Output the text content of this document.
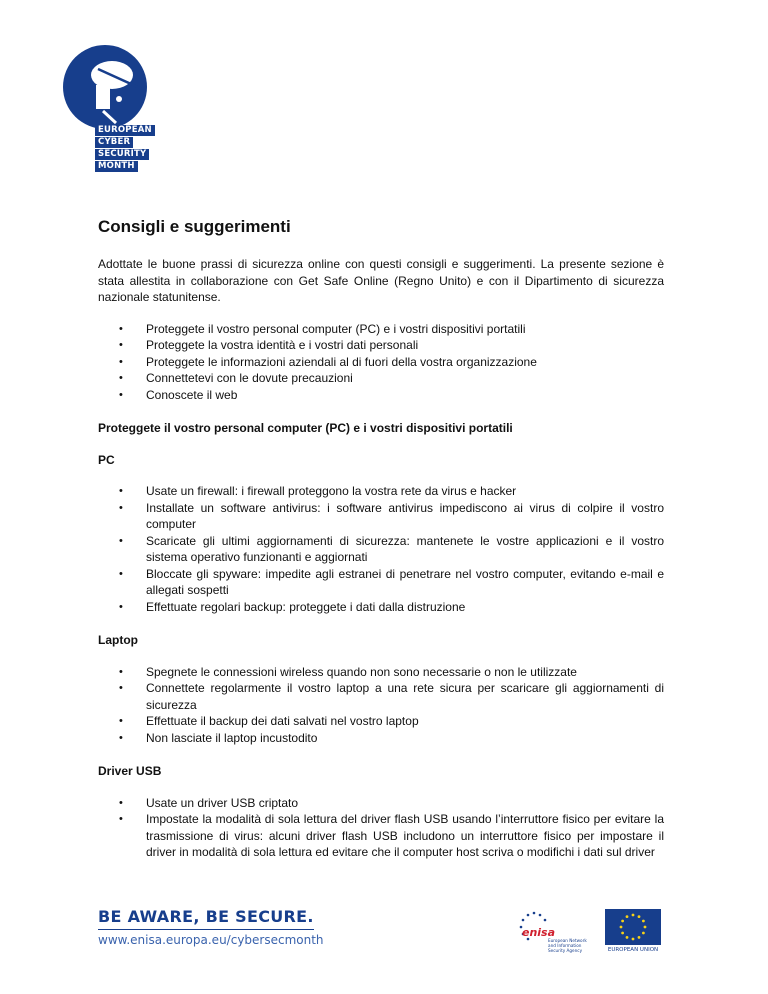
EUROPEAN
CYBER
SECURITY
MONTH
Consigli e suggerimenti

Adottate le buone prassi di sicurezza online con questi consigli e suggerimenti. La presente sezione è stata allestita in collaborazione con Get Safe Online (Regno Unito) e con il Dipartimento di sicurezza nazionale statunitense.

• Proteggete il vostro personal computer (PC) e i vostri dispositivi portatili
• Proteggete la vostra identità e i vostri dati personali
• Proteggete le informazioni aziendali al di fuori della vostra organizzazione
• Connettetevi con le dovute precauzioni
• Conoscete il web
Proteggete il vostro personal computer (PC) e i vostri dispositivi portatili
PC
• Usate un firewall: i firewall proteggono la vostra rete da virus e hacker
• Installate un software antivirus: i software antivirus impediscono ai virus di colpire il vostro computer
• Scaricate gli ultimi aggiornamenti di sicurezza: mantenete le vostre applicazioni e il vostro sistema operativo funzionanti e aggiornati
• Bloccate gli spyware: impedite agli estranei di penetrare nel vostro computer, evitando e-mail e allegati sospetti
• Effettuate regolari backup: proteggete i dati dalla distruzione
Laptop
• Spegnete le connessioni wireless quando non sono necessarie o non le utilizzate
• Connettete regolarmente il vostro laptop a una rete sicura per scaricare gli aggiornamenti di sicurezza
• Effettuate il backup dei dati salvati nel vostro laptop
• Non lasciate il laptop incustodito
Driver USB
• Usate un driver USB criptato
• Impostate la modalità di sola lettura del driver flash USB usando l’interruttore fisico per evitare la trasmissione di virus: alcuni driver flash USB includono un interruttore fisico per impostare il driver in modalità di sola lettura ed evitare che il computer host scriva o modifichi i dati sul driver
BE AWARE, BE SECURE.
www.enisa.europa.eu/cybersecmonth
enisa
European Network
and Information
Security Agency	EUROPEAN UNION
